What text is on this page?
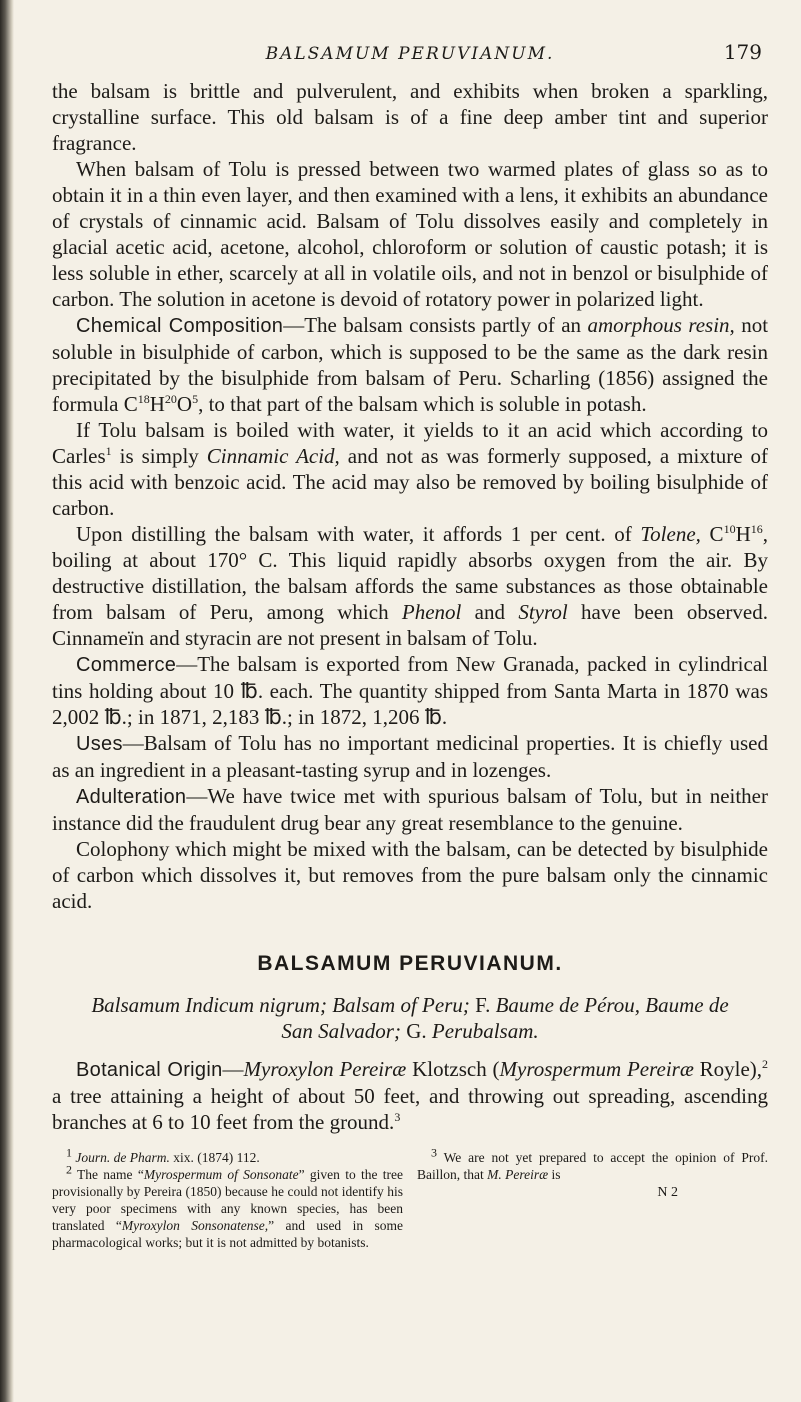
BALSAMUM PERUVIANUM.	179

the balsam is brittle and pulverulent, and exhibits when broken a sparkling, crystalline surface. This old balsam is of a fine deep amber tint and superior fragrance.

When balsam of Tolu is pressed between two warmed plates of glass so as to obtain it in a thin even layer, and then examined with a lens, it exhibits an abundance of crystals of cinnamic acid. Balsam of Tolu dissolves easily and completely in glacial acetic acid, acetone, alcohol, chloroform or solution of caustic potash; it is less soluble in ether, scarcely at all in volatile oils, and not in benzol or bisulphide of carbon. The solution in acetone is devoid of rotatory power in polarized light.

Chemical Composition—The balsam consists partly of an amorphous resin, not soluble in bisulphide of carbon, which is supposed to be the same as the dark resin precipitated by the bisulphide from balsam of Peru. Scharling (1856) assigned the formula $C^{18}H^{20}O^5$, to that part of the balsam which is soluble in potash.

If Tolu balsam is boiled with water, it yields to it an acid which according to Carles$^1$ is simply Cinnamic Acid, and not as was formerly supposed, a mixture of this acid with benzoic acid. The acid may also be removed by boiling bisulphide of carbon.

Upon distilling the balsam with water, it affords 1 per cent. of Tolene, $C^{10}H^{16}$, boiling at about 170° C. This liquid rapidly absorbs oxygen from the air. By destructive distillation, the balsam affords the same substances as those obtainable from balsam of Peru, among which Phenol and Styrol have been observed. Cinnameïn and styracin are not present in balsam of Tolu.

Commerce—The balsam is exported from New Granada, packed in cylindrical tins holding about 10 ℔. each. The quantity shipped from Santa Marta in 1870 was 2,002 ℔.; in 1871, 2,183 ℔.; in 1872, 1,206 ℔.

Uses—Balsam of Tolu has no important medicinal properties. It is chiefly used as an ingredient in a pleasant-tasting syrup and in lozenges.

Adulteration—We have twice met with spurious balsam of Tolu, but in neither instance did the fraudulent drug bear any great resemblance to the genuine.

Colophony which might be mixed with the balsam, can be detected by bisulphide of carbon which dissolves it, but removes from the pure balsam only the cinnamic acid.

BALSAMUM PERUVIANUM.
Balsamum Indicum nigrum; Balsam of Peru; F. Baume de Pérou, Baume de San Salvador; G. Perubalsam.

Botanical Origin—Myroxylon Pereiræ Klotzsch (Myrospermum Pereiræ Royle),$^2$ a tree attaining a height of about 50 feet, and throwing out spreading, ascending branches at 6 to 10 feet from the ground.$^3$

1 Journ. de Pharm. xix. (1874) 112.
2 The name “Myrospermum of Sonsonate” given to the tree provisionally by Pereira (1850) because he could not identify his very poor specimens with any known species, has been translated “Myroxylon Sonsonatense,” and used in some pharmacological works; but it is not admitted by botanists.
3 We are not yet prepared to accept the opinion of Prof. Baillon, that M. Pereiræ is
N 2
